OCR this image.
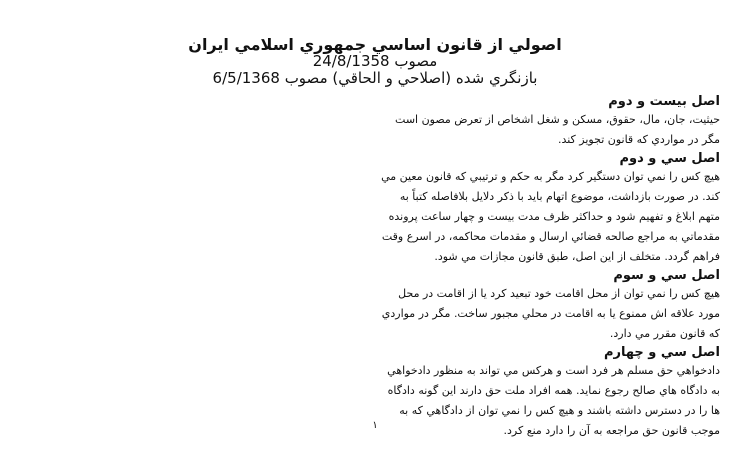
اصولي از قانون اساسي جمهوري اسلامي ايران
مصوب 24/8/1358
بازنگري شده (اصلاحي و الحاقي) مصوب 6/5/1368
اصل بيست و دوم
حيثيت، جان، مال، حقوق، مسكن و شغل اشخاص از تعرض مصون است
مگر در مواردي كه قانون تجويز كند.
اصل سي و دوم
هيچ كس را نمي توان دستگير كرد مگر به حكم و ترتيبي كه قانون معين مي
كند. در صورت بازداشت، موضوع اتهام بايد با ذكر دلايل بلافاصله كتباً به
متهم ابلاغ و تفهيم شود و حداكثر ظرف مدت بيست و چهار ساعت پرونده
مقدماتي به مراجع صالحه قضائي ارسال و مقدمات محاكمه، در اسرع وقت
فراهم گردد. متخلف از اين اصل، طبق قانون مجازات مي شود.
اصل سي و سوم
هيچ كس را نمي توان از محل اقامت خود تبعيد كرد يا از اقامت در محل
مورد علاقه اش ممنوع يا به اقامت در محلي مجبور ساخت. مگر در مواردي
كه قانون مقرر مي دارد.
اصل سي و چهارم
دادخواهي حق مسلم هر فرد است و هركس مي تواند به منظور دادخواهي
به دادگاه هاي صالح رجوع نمايد. همه افراد ملت حق دارند اين گونه دادگاه
ها را در دسترس داشته باشند و هيچ كس را نمي توان از دادگاهي كه به
موجب قانون حق مراجعه به آن را دارد منع كرد.
۱
